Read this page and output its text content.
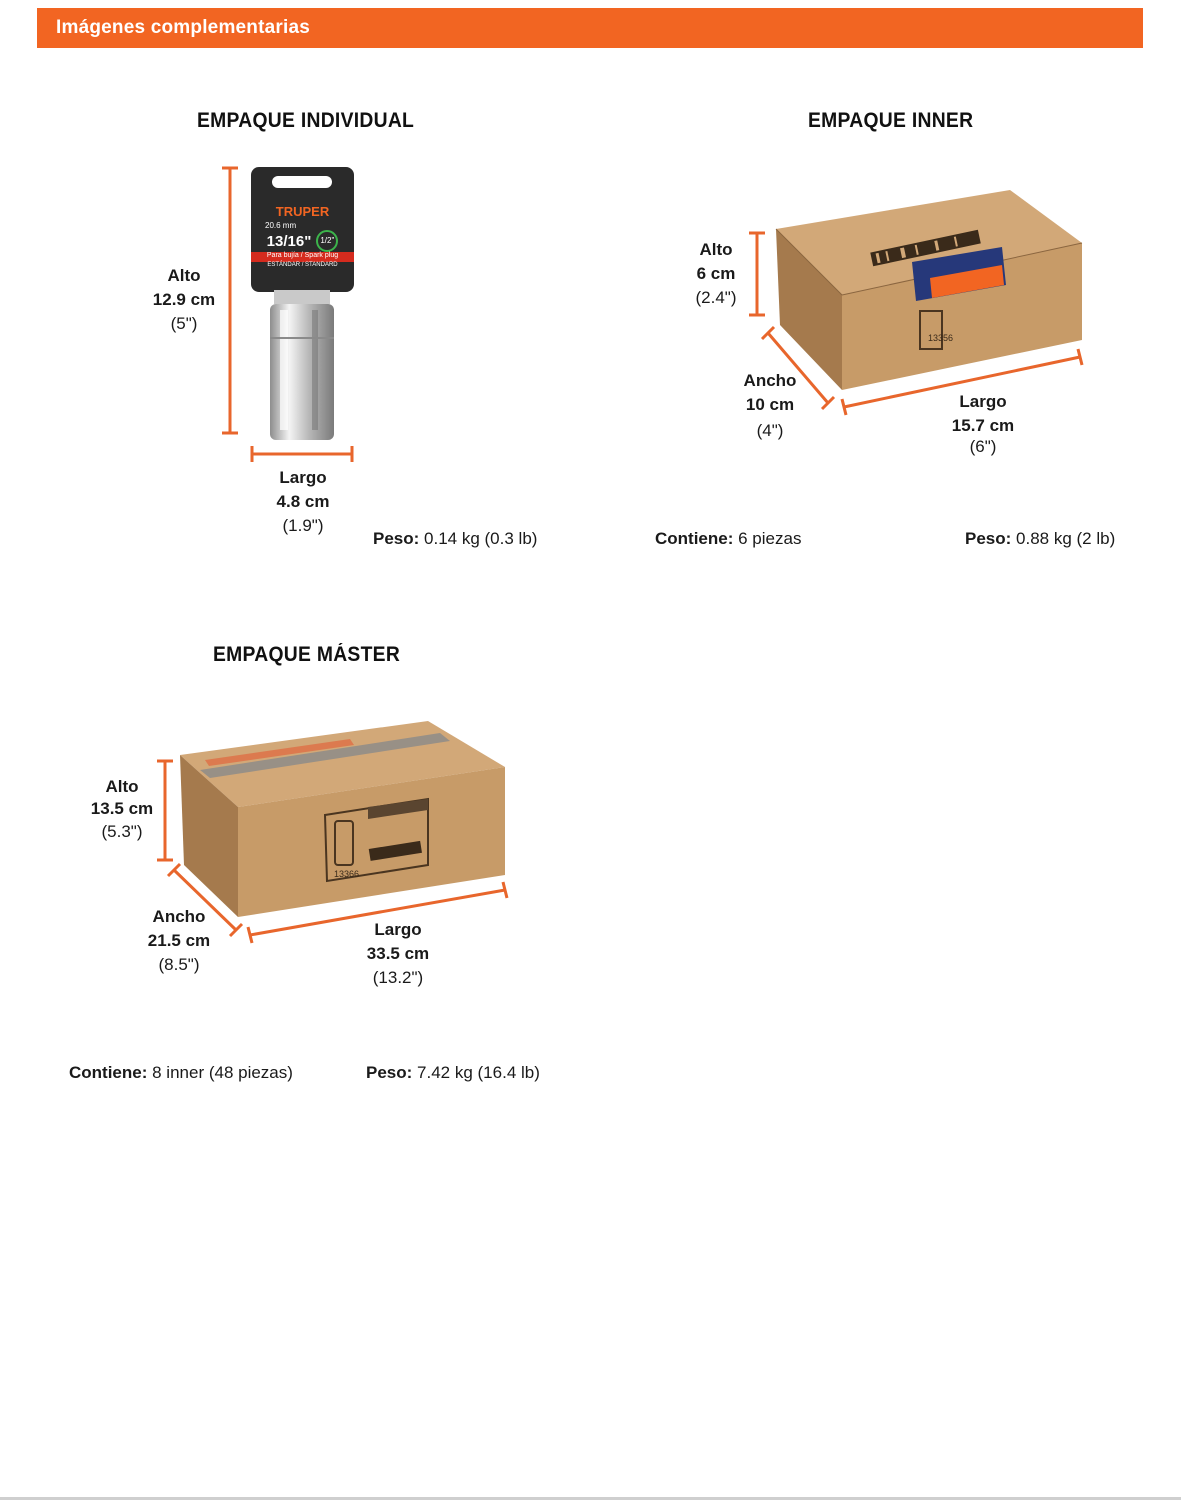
Imágenes complementarias
EMPAQUE INDIVIDUAL
TRUPER
20.6 mm
13/16"	1/2"
Para bujía / Spark plug
ESTÁNDAR / STANDARD
Alto
12.9 cm
(5")
Largo
4.8 cm
(1.9")
Peso: 0.14 kg (0.3 lb)
EMPAQUE INNER
13356
Alto
6 cm
(2.4")
Ancho
10 cm
(4")
Largo
15.7 cm
(6")
Contiene: 6 piezas	Peso: 0.88 kg (2 lb)
EMPAQUE MÁSTER
13366
Alto
13.5 cm
(5.3")
Ancho
21.5 cm
(8.5")
Largo
33.5 cm
(13.2")
Contiene: 8 inner (48 piezas)	Peso: 7.42 kg (16.4 lb)
